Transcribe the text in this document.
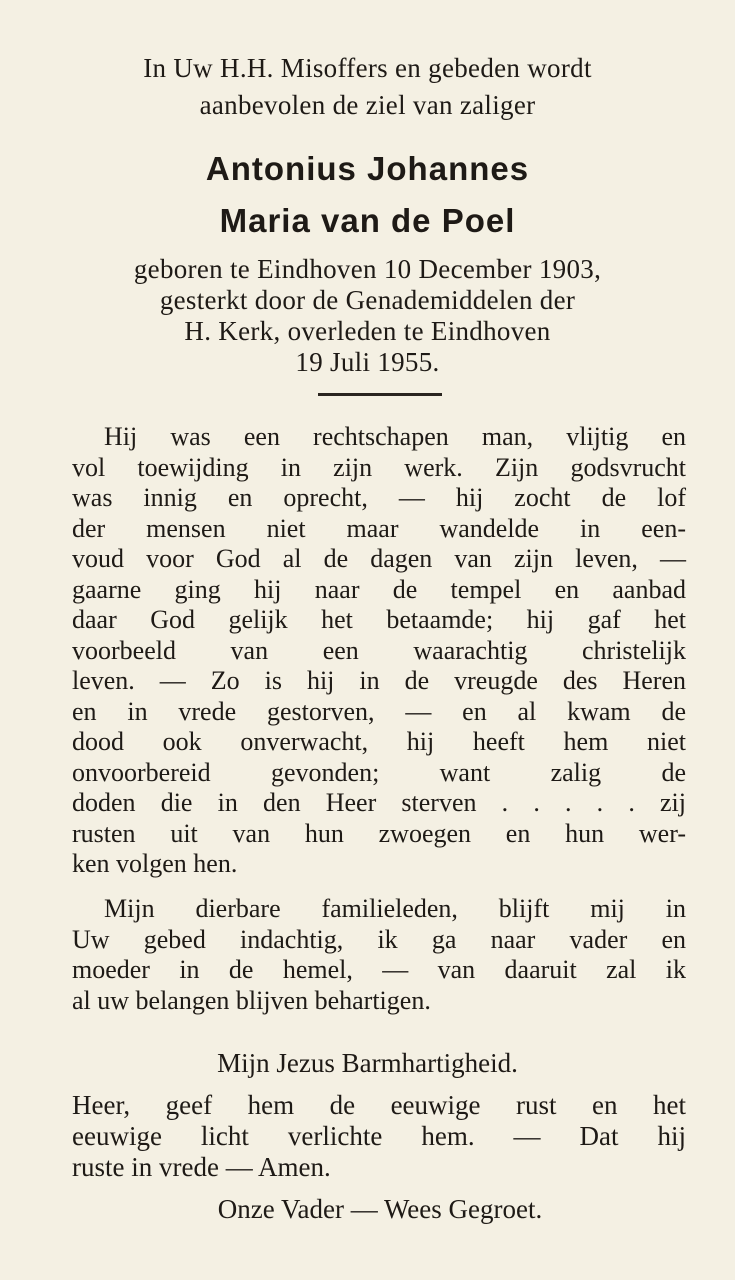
In Uw H.H. Misoffers en gebeden wordt
aanbevolen de ziel van zaliger
Antonius Johannes
Maria van de Poel
geboren te Eindhoven 10 December 1903,
gesterkt door de Genademiddelen der
H. Kerk, overleden te Eindhoven
19 Juli 1955.
Hij was een rechtschapen man, vlijtig en
vol toewijding in zijn werk. Zijn godsvrucht
was innig en oprecht, — hij zocht de lof
der mensen niet maar wandelde in een-
voud voor God al de dagen van zijn leven, —
gaarne ging hij naar de tempel en aanbad
daar God gelijk het betaamde; hij gaf het
voorbeeld van een waarachtig christelijk
leven. — Zo is hij in de vreugde des Heren
en in vrede gestorven, — en al kwam de
dood ook onverwacht, hij heeft hem niet
onvoorbereid gevonden; want zalig de
doden die in den Heer sterven . . . . . zij
rusten uit van hun zwoegen en hun wer-
ken volgen hen.
Mijn dierbare familieleden, blijft mij in
Uw gebed indachtig, ik ga naar vader en
moeder in de hemel, — van daaruit zal ik
al uw belangen blijven behartigen.
Mijn Jezus Barmhartigheid.
Heer, geef hem de eeuwige rust en het
eeuwige licht verlichte hem. — Dat hij
ruste in vrede — Amen.
Onze Vader — Wees Gegroet.
